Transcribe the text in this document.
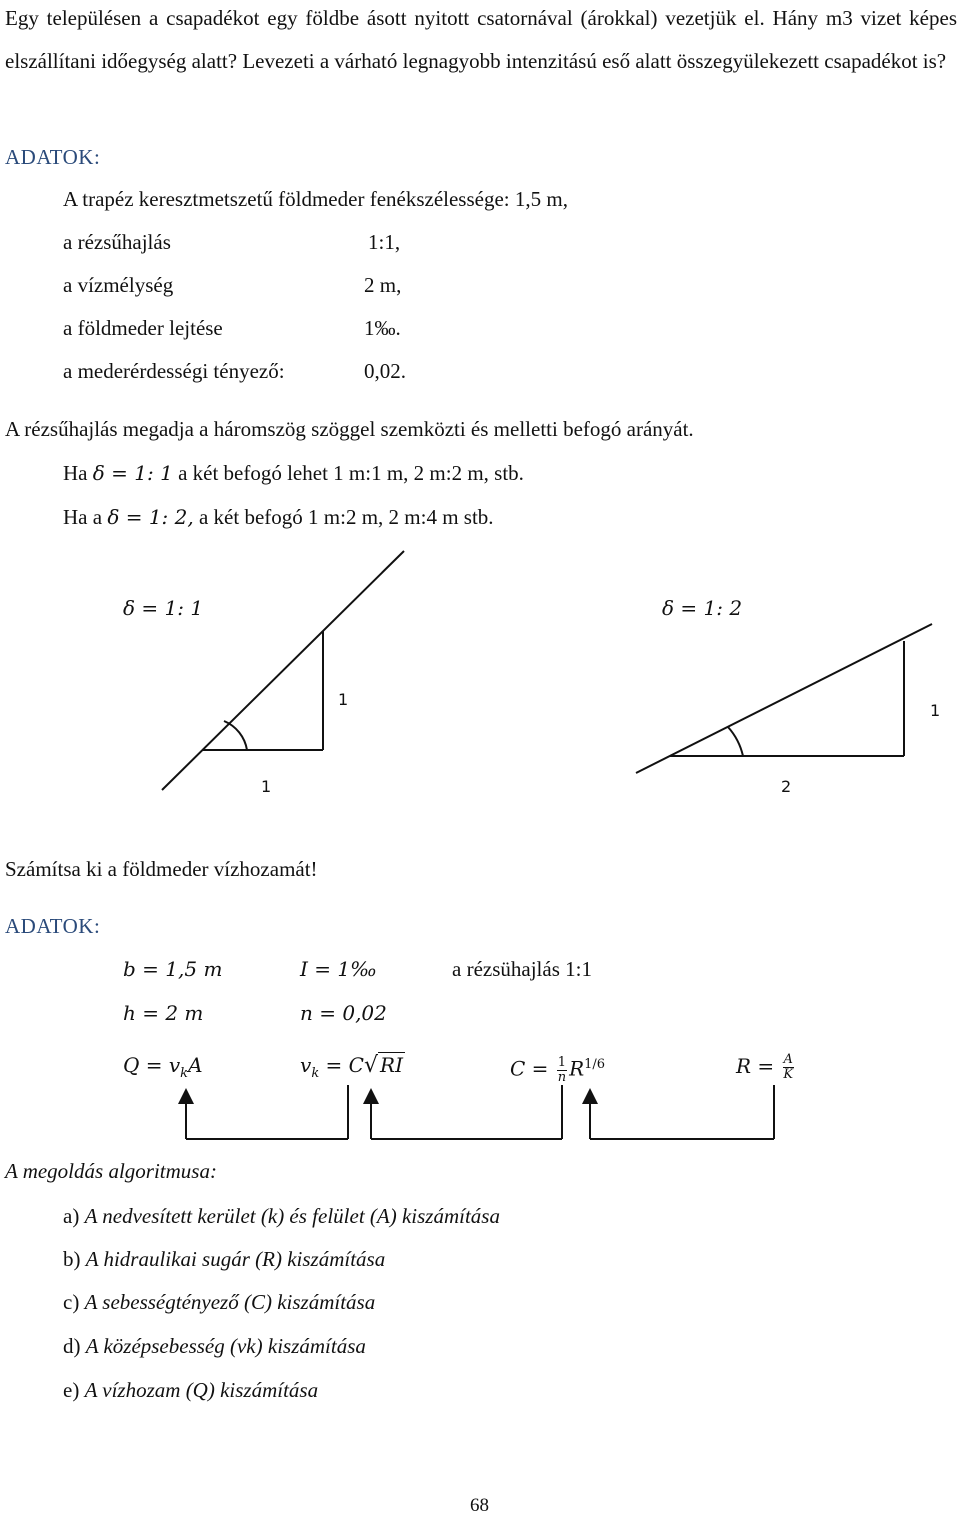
Egy településen a csapadékot egy földbe ásott nyitott csatornával (árokkal) vezetjük el. Hány m3 vizet képes elszállítani időegység alatt? Levezeti a várható legnagyobb intenzitású eső alatt összegyülekezett csapadékot is?
ADATOK:
A trapéz keresztmetszetű földmeder fenékszélessége: 1,5 m,
a rézsűhajlás	1:1,
a vízmélység	2 m,
a földmeder lejtése	1‰.
a mederérdességi tényező:	0,02.
A rézsűhajlás megadja a háromszög szöggel szemközti és melletti befogó arányát.
Ha δ = 1: 1 a két befogó lehet 1 m:1 m, 2 m:2 m, stb.
Ha a δ = 1: 2, a két befogó 1 m:2 m, 2 m:4 m stb.
δ = 1: 1	δ = 1: 2
1
1
1
2
Számítsa ki a földmeder vízhozamát!
ADATOK:
b = 1,5 m	I = 1‰	a rézsühajlás 1:1
h = 2 m	n = 0,02
$Q = v_kA$	$v_k = C√$ RI	$C = \frac{1}{n} R^{1/6}$	$R = \frac{A}{K}$
A megoldás algoritmusa:
a) A nedvesített kerület (k) és felület (A) kiszámítása
b) A hidraulikai sugár (R) kiszámítása
c) A sebességtényező (C) kiszámítása
d) A középsebesség (vk) kiszámítása
e) A vízhozam (Q) kiszámítása
68
